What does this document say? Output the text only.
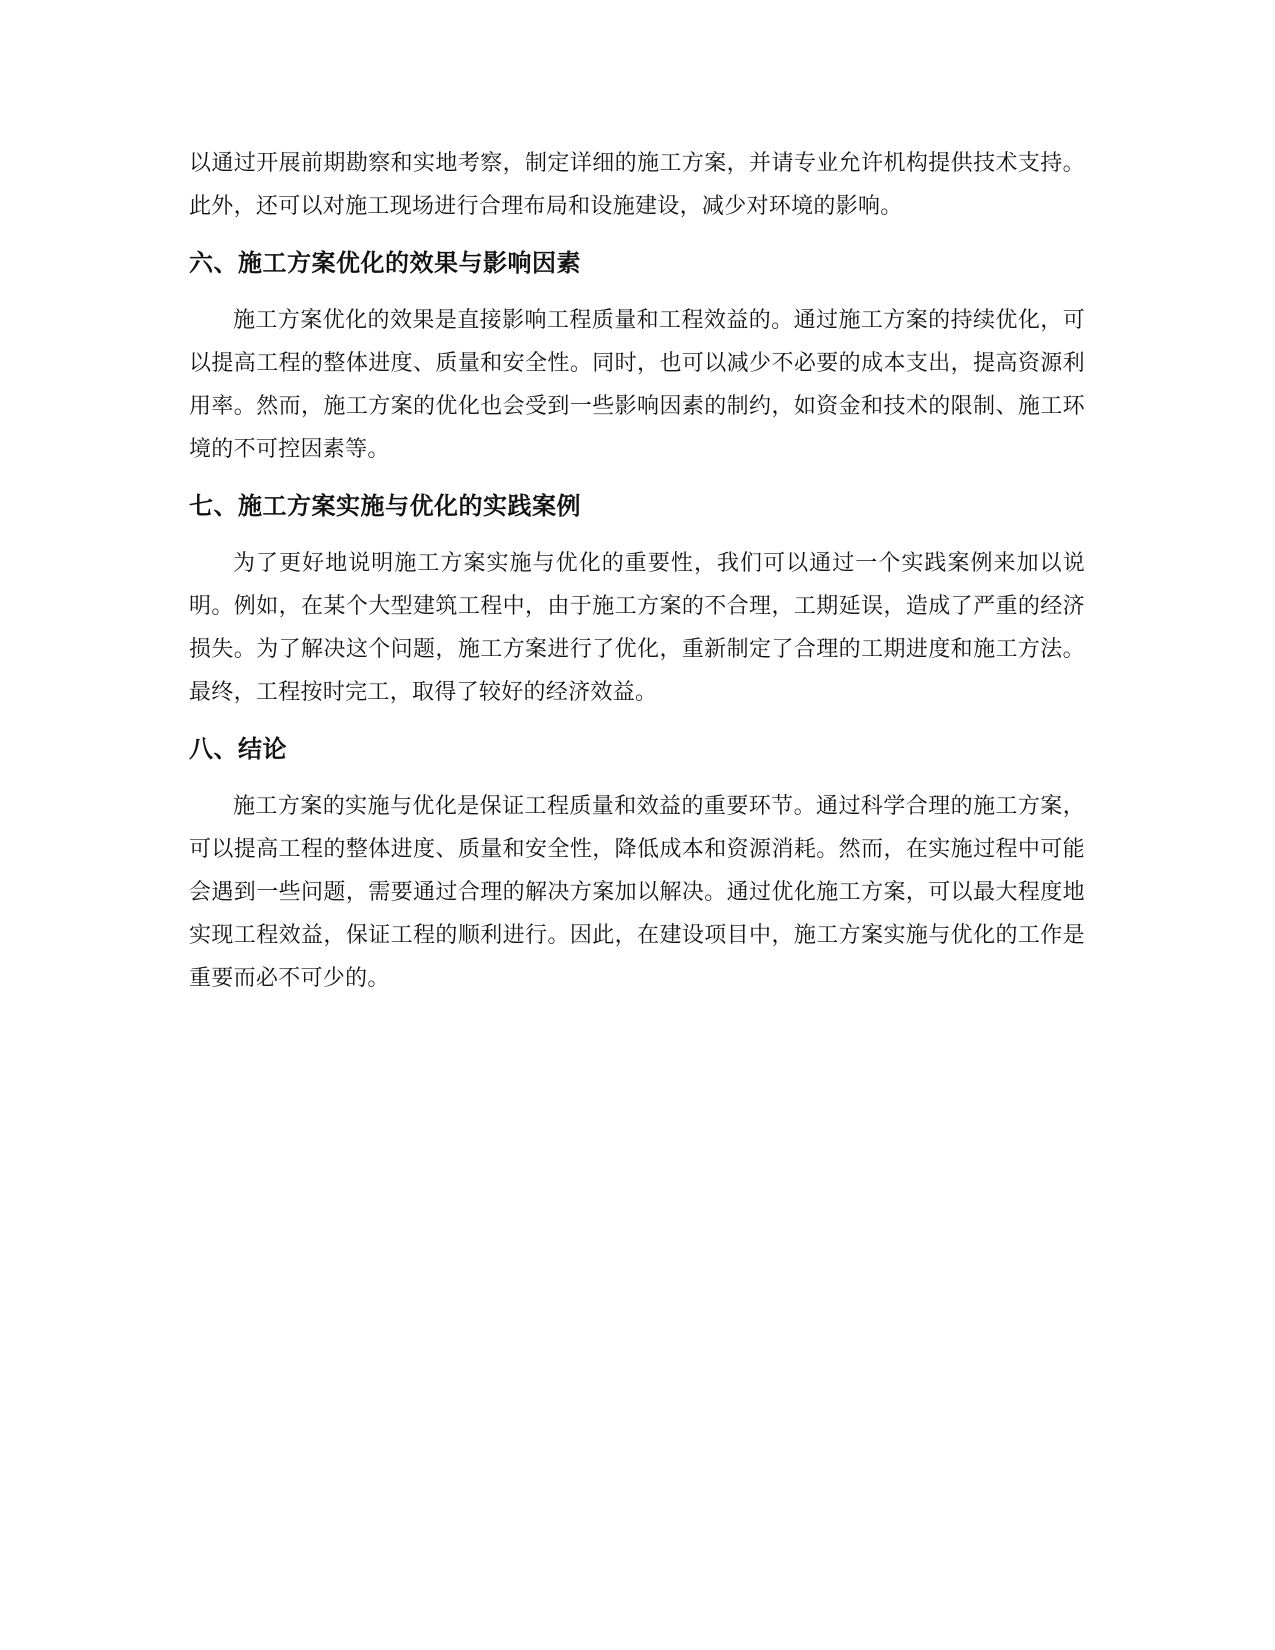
以通过开展前期勘察和实地考察，制定详细的施工方案，并请专业允许机构提供技术支持。此外，还可以对施工现场进行合理布局和设施建设，减少对环境的影响。

六、施工方案优化的效果与影响因素

施工方案优化的效果是直接影响工程质量和工程效益的。通过施工方案的持续优化，可以提高工程的整体进度、质量和安全性。同时，也可以减少不必要的成本支出，提高资源利用率。然而，施工方案的优化也会受到一些影响因素的制约，如资金和技术的限制、施工环境的不可控因素等。

七、施工方案实施与优化的实践案例

为了更好地说明施工方案实施与优化的重要性，我们可以通过一个实践案例来加以说明。例如，在某个大型建筑工程中，由于施工方案的不合理，工期延误，造成了严重的经济损失。为了解决这个问题，施工方案进行了优化，重新制定了合理的工期进度和施工方法。最终，工程按时完工，取得了较好的经济效益。

八、结论

施工方案的实施与优化是保证工程质量和效益的重要环节。通过科学合理的施工方案，可以提高工程的整体进度、质量和安全性，降低成本和资源消耗。然而，在实施过程中可能会遇到一些问题，需要通过合理的解决方案加以解决。通过优化施工方案，可以最大程度地实现工程效益，保证工程的顺利进行。因此，在建设项目中，施工方案实施与优化的工作是重要而必不可少的。
